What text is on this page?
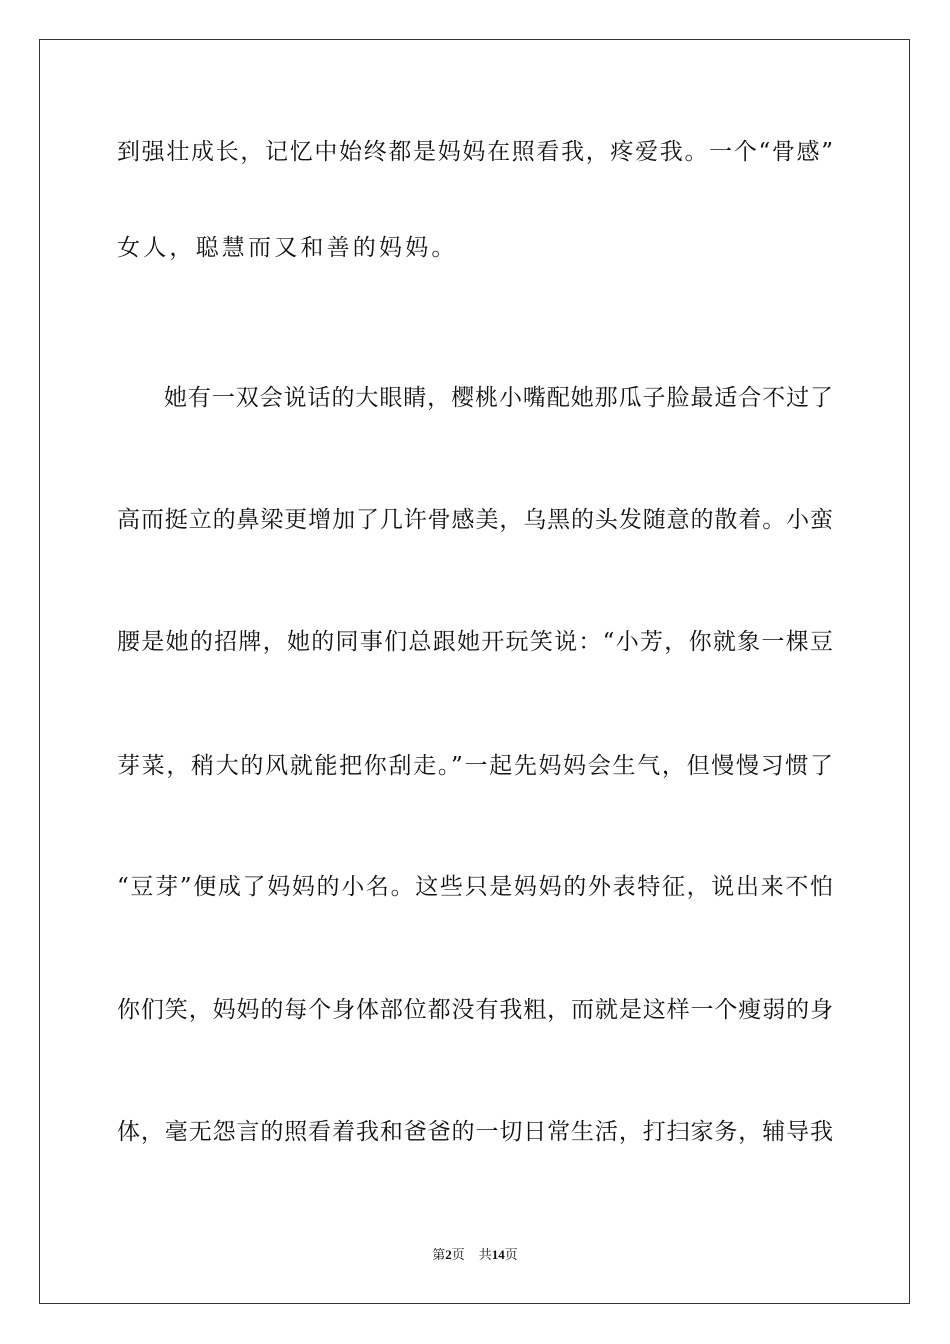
到强壮成长，记忆中始终都是妈妈在照看我，疼爱我。一个“骨感”
女人，聪慧而又和善的妈妈。
她有一双会说话的大眼睛，樱桃小嘴配她那瓜子脸最适合不过了
高而挺立的鼻梁更增加了几许骨感美，乌黑的头发随意的散着。小蛮
腰是她的招牌，她的同事们总跟她开玩笑说：“小芳，你就象一棵豆
芽菜，稍大的风就能把你刮走。”一起先妈妈会生气，但慢慢习惯了
“豆芽”便成了妈妈的小名。这些只是妈妈的外表特征，说出来不怕
你们笑，妈妈的每个身体部位都没有我粗，而就是这样一个瘦弱的身
体，毫无怨言的照看着我和爸爸的一切日常生活，打扫家务，辅导我
第2页 共14页
